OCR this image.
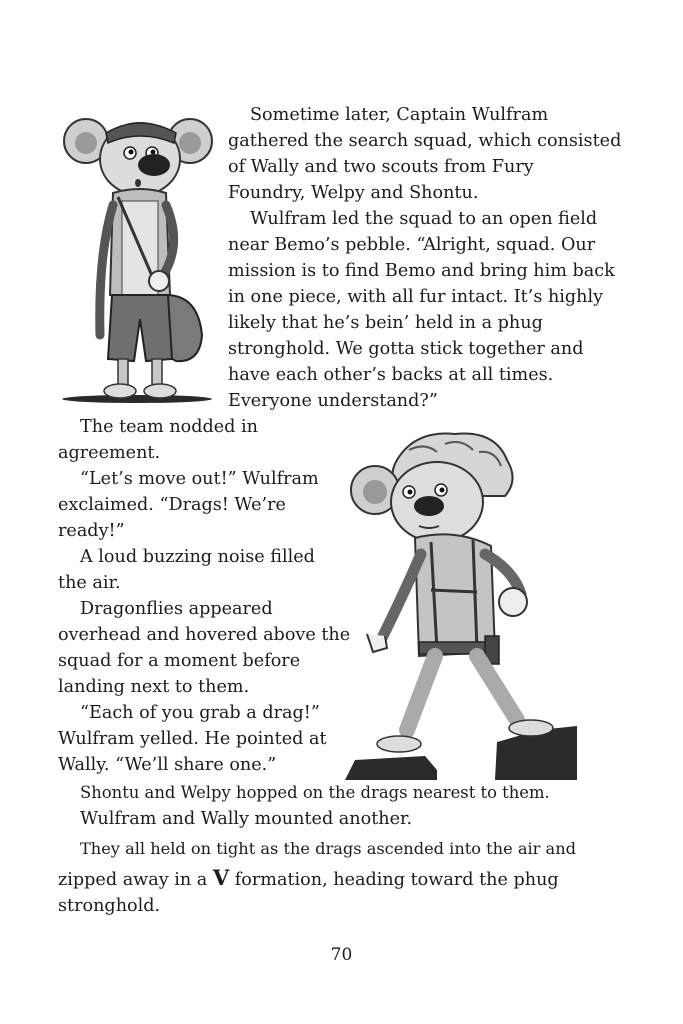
Sometime later, Captain Wulfram
gathered the search squad, which consisted
of Wally and two scouts from Fury
Foundry, Welpy and Shontu.
Wulfram led the squad to an open field
near Bemo’s pebble. “Alright, squad. Our
mission is to find Bemo and bring him back
in one piece, with all fur intact. It’s highly
likely that he’s bein’ held in a phug
stronghold. We gotta stick together and
have each other’s backs at all times.
Everyone understand?”
The team nodded in
agreement.
“Let’s move out!” Wulfram
exclaimed. “Drags! We’re
ready!”
A loud buzzing noise filled
the air.
Dragonflies appeared
overhead and hovered above the
squad for a moment before
landing next to them.
“Each of you grab a drag!”
Wulfram yelled. He pointed at
Wally. “We’ll share one.”
Shontu and Welpy hopped on the drags nearest to them.
Wulfram and Wally mounted another.
They all held on tight as the drags ascended into the air and
zipped away in a V formation, heading toward the phug
stronghold.
70
